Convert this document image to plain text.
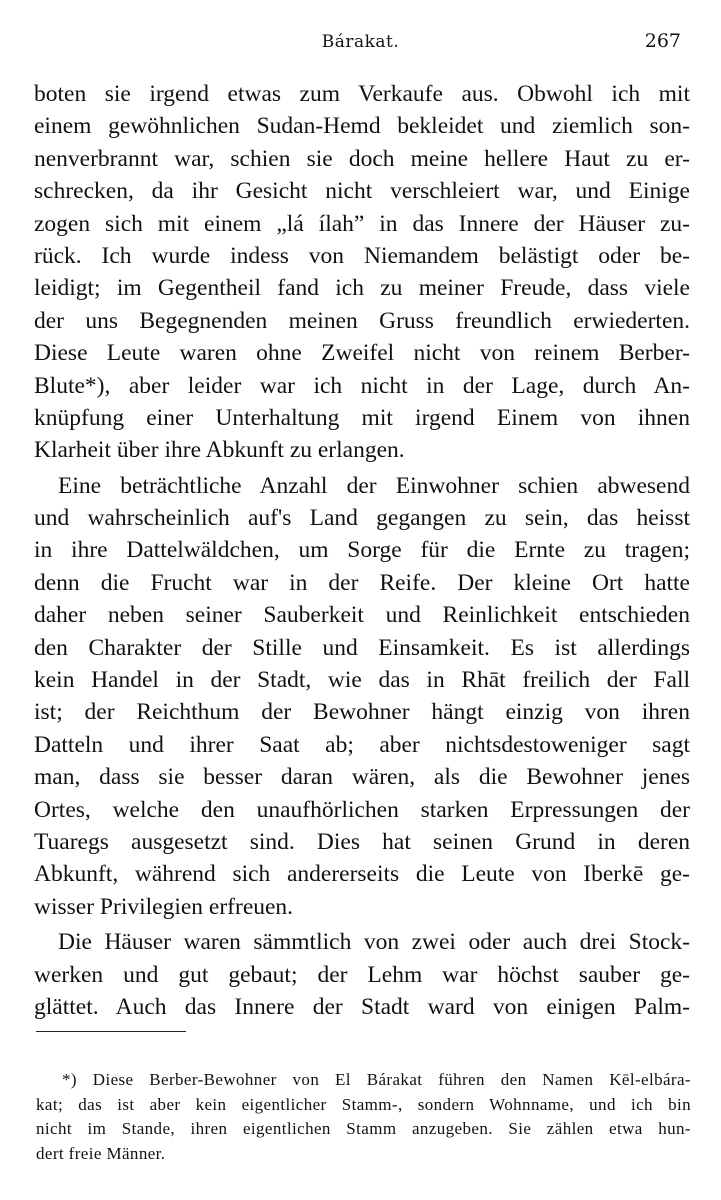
Bárakat.	267
boten sie irgend etwas zum Verkaufe aus. Obwohl ich mit
einem gewöhnlichen Sudan-Hemd bekleidet und ziemlich son-
nenverbrannt war, schien sie doch meine hellere Haut zu er-
schrecken, da ihr Gesicht nicht verschleiert war, und Einige
zogen sich mit einem „lá ílah” in das Innere der Häuser zu-
rück. Ich wurde indess von Niemandem belästigt oder be-
leidigt; im Gegentheil fand ich zu meiner Freude, dass viele
der uns Begegnenden meinen Gruss freundlich erwiederten.
Diese Leute waren ohne Zweifel nicht von reinem Berber-
Blute*), aber leider war ich nicht in der Lage, durch An-
knüpfung einer Unterhaltung mit irgend Einem von ihnen
Klarheit über ihre Abkunft zu erlangen.
Eine beträchtliche Anzahl der Einwohner schien abwesend
und wahrscheinlich auf's Land gegangen zu sein, das heisst
in ihre Dattelwäldchen, um Sorge für die Ernte zu tragen;
denn die Frucht war in der Reife. Der kleine Ort hatte
daher neben seiner Sauberkeit und Reinlichkeit entschieden
den Charakter der Stille und Einsamkeit. Es ist allerdings
kein Handel in der Stadt, wie das in Rhāt freilich der Fall
ist; der Reichthum der Bewohner hängt einzig von ihren
Datteln und ihrer Saat ab; aber nichtsdestoweniger sagt
man, dass sie besser daran wären, als die Bewohner jenes
Ortes, welche den unaufhörlichen starken Erpressungen der
Tuaregs ausgesetzt sind. Dies hat seinen Grund in deren
Abkunft, während sich andererseits die Leute von Iberkē ge-
wisser Privilegien erfreuen.
Die Häuser waren sämmtlich von zwei oder auch drei Stock-
werken und gut gebaut; der Lehm war höchst sauber ge-
glättet. Auch das Innere der Stadt ward von einigen Palm-
*) Diese Berber-Bewohner von El Bárakat führen den Namen Kēl-elbára-
kat; das ist aber kein eigentlicher Stamm-, sondern Wohnname, und ich bin
nicht im Stande, ihren eigentlichen Stamm anzugeben. Sie zählen etwa hun-
dert freie Männer.
